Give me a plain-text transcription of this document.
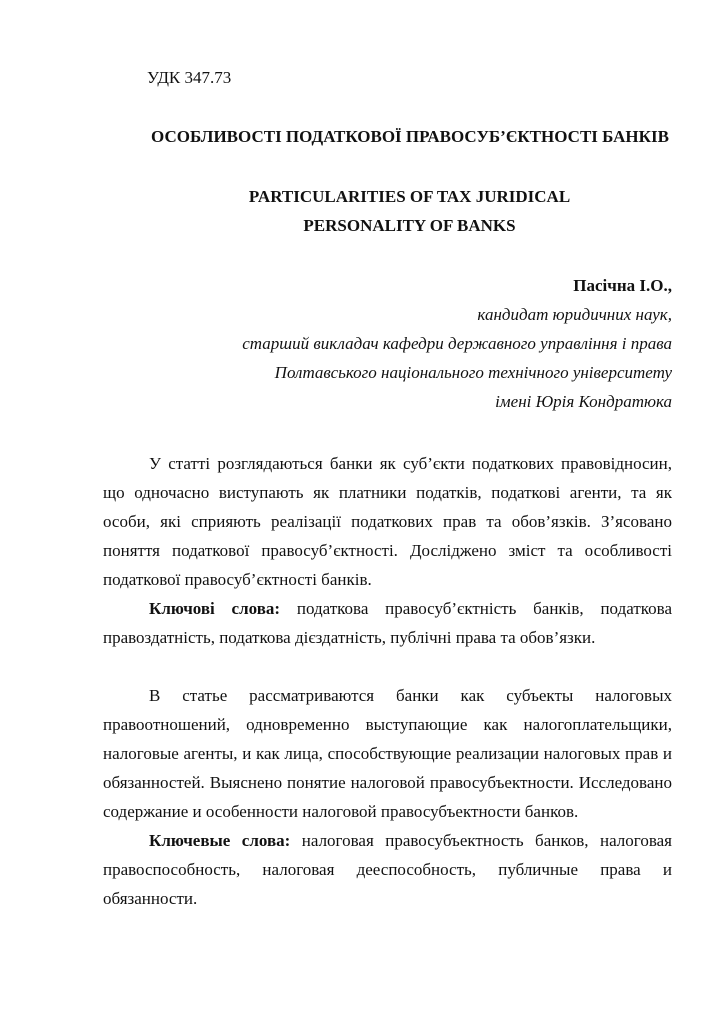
УДК 347.73
ОСОБЛИВОСТІ ПОДАТКОВОЇ ПРАВОСУБ’ЄКТНОСТІ БАНКІВ
PARTICULARITIES OF TAX JURIDICAL
PERSONALITY OF BANKS
Пасічна І.О.,
кандидат юридичних наук,
старший викладач кафедри державного управління і права
Полтавського національного технічного університету
імені Юрія Кондратюка
У статті розглядаються банки як суб’єкти податкових правовідносин,
що одночасно виступають як платники податків, податкові агенти, та як
особи, які сприяють реалізації податкових прав та обов’язків. З’ясовано
поняття податкової правосуб’єктності. Досліджено зміст та особливості
податкової правосуб’єктності банків.
Ключові слова: податкова правосуб’єктність банків, податкова
правоздатність, податкова дієздатність, публічні права та обов’язки.
В статье рассматриваются банки как субъекты налоговых
правоотношений, одновременно выступающие как налогоплательщики,
налоговые агенты, и как лица, способствующие реализации налоговых прав и
обязанностей. Выяснено понятие налоговой правосубъектности. Исследовано
содержание и особенности налоговой правосубъектности банков.
Ключевые слова: налоговая правосубъектность банков, налоговая
правоспособность, налоговая дееспособность, публичные права и
обязанности.
